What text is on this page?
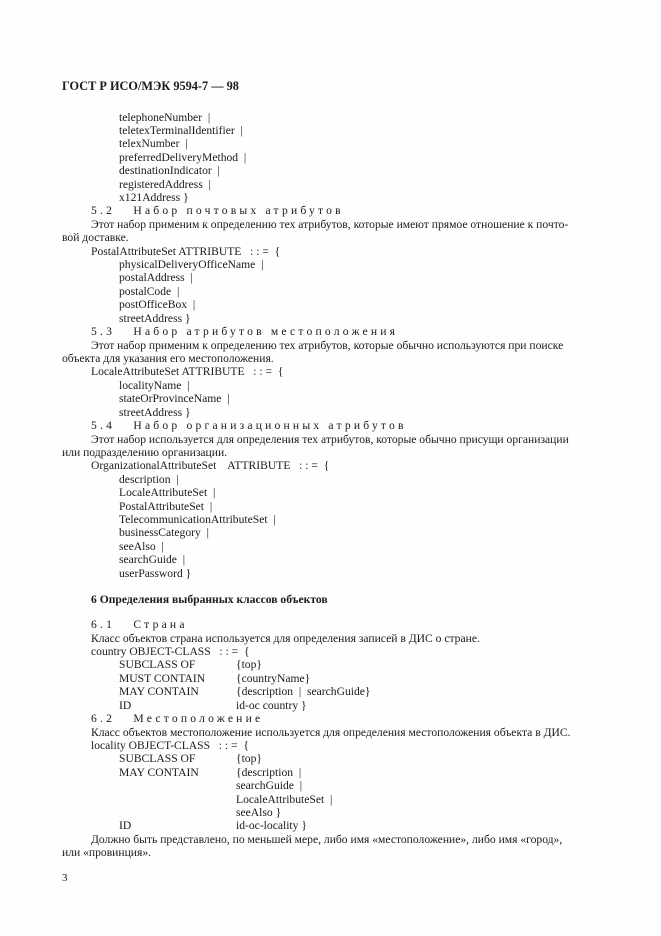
ГОСТ Р ИСО/МЭК 9594-7 — 98
telephoneNumber  |
teletexTerminalIdentifier  |
telexNumber  |
preferredDeliveryMethod  |
destinationIndicator  |
registeredAddress  |
x121Address }
5.2   Набор почтовых атрибутов
Этот набор применим к определению тех атрибутов, которые имеют прямое отношение к почто-
вой доставке.
PostalAttributeSet ATTRIBUTE   : : =  {
physicalDeliveryOfficeName  |
postalAddress  |
postalCode  |
postOfficeBox  |
streetAddress }
5.3   Набор атрибутов местоположения
Этот набор применим к определению тех атрибутов, которые обычно используются при поиске
объекта для указания его местоположения.
LocaleAttributeSet ATTRIBUTE   : : =  {
localityName  |
stateOrProvinceName  |
streetAddress }
5.4   Набор организационных атрибутов
Этот набор используется для определения тех атрибутов, которые обычно присущи организации
или подразделению организации.
OrganizationalAttributeSet    ATTRIBUTE   : : =  {
description  |
LocaleAttributeSet  |
PostalAttributeSet  |
TelecommunicationAttributeSet  |
businessCategory  |
seeAlso  |
searchGuide  |
userPassword }
6 Определения выбранных классов объектов
6.1   Страна
Класс объектов страна используется для определения записей в ДИС о стране.
country OBJECT-CLASS   : : =  {
SUBCLASS OF	{top}
MUST CONTAIN	{countryName}
MAY CONTAIN	{description  |  searchGuide}
ID	id-oc country }
6.2   Местоположение
Класс объектов местоположение используется для определения местоположения объекта в ДИС.
locality OBJECT-CLASS   : : =  {
SUBCLASS OF	{top}
MAY CONTAIN	{description  |
searchGuide  |
LocaleAttributeSet  |
seeAlso }
ID	id-oc-locality }
Должно быть представлено, по меньшей мере, либо имя «местоположение», либо имя «город»,
или «провинция».
3
